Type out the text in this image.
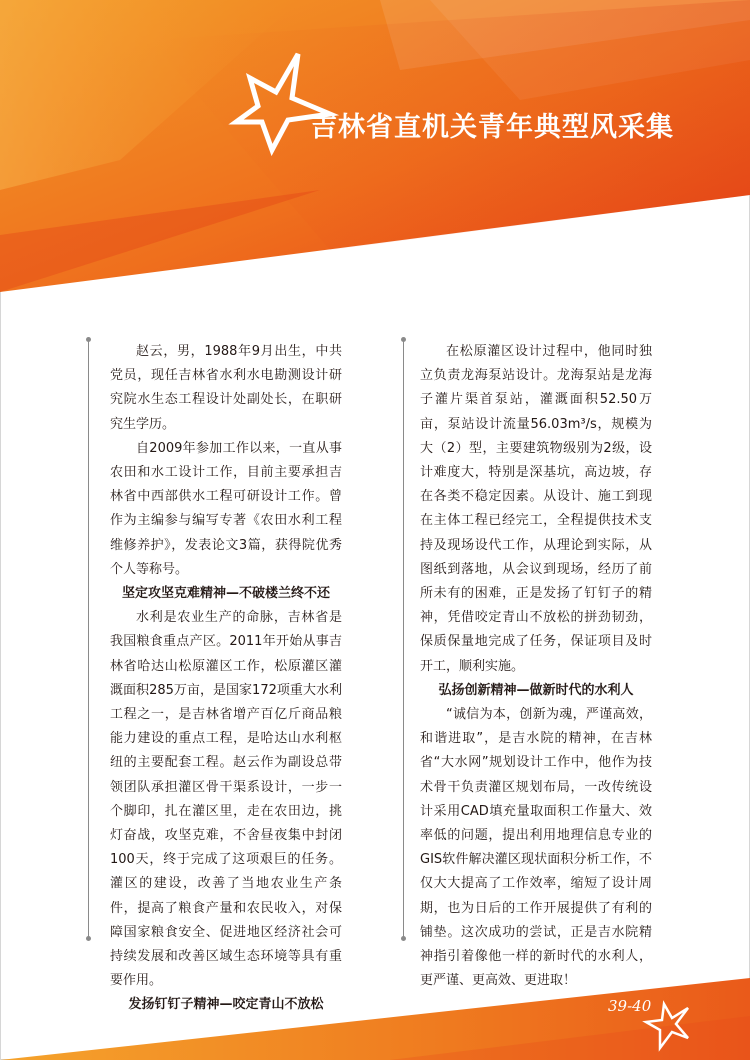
吉林省直机关青年典型风采集

赵云，男，1988年9月出生，中共党员，现任吉林省水利水电勘测设计研究院水生态工程设计处副处长，在职研究生学历。

自2009年参加工作以来，一直从事农田和水工设计工作，目前主要承担吉林省中西部供水工程可研设计工作。曾作为主编参与编写专著《农田水利工程维修养护》，发表论文3篇，获得院优秀个人等称号。

坚定攻坚克难精神—不破楼兰终不还

水利是农业生产的命脉，吉林省是我国粮食重点产区。2011年开始从事吉林省哈达山松原灌区工作，松原灌区灌溉面积285万亩，是国家172项重大水利工程之一，是吉林省增产百亿斤商品粮能力建设的重点工程，是哈达山水利枢纽的主要配套工程。赵云作为副设总带领团队承担灌区骨干渠系设计，一步一个脚印，扎在灌区里，走在农田边，挑灯奋战，攻坚克难，不舍昼夜集中封闭100天，终于完成了这项艰巨的任务。灌区的建设，改善了当地农业生产条件，提高了粮食产量和农民收入，对保障国家粮食安全、促进地区经济社会可持续发展和改善区域生态环境等具有重要作用。

发扬钉钉子精神—咬定青山不放松

在松原灌区设计过程中，他同时独立负责龙海泵站设计。龙海泵站是龙海子灌片渠首泵站，灌溉面积52.50万亩，泵站设计流量56.03m³/s，规模为大（2）型，主要建筑物级别为2级，设计难度大，特别是深基坑，高边坡，存在各类不稳定因素。从设计、施工到现在主体工程已经完工，全程提供技术支持及现场设代工作，从理论到实际，从图纸到落地，从会议到现场，经历了前所未有的困难，正是发扬了钉钉子的精神，凭借咬定青山不放松的拼劲韧劲，保质保量地完成了任务，保证项目及时开工，顺利实施。

弘扬创新精神—做新时代的水利人

“诚信为本，创新为魂，严谨高效，和谐进取”，是吉水院的精神，在吉林省“大水网”规划设计工作中，他作为技术骨干负责灌区规划布局，一改传统设计采用CAD填充量取面积工作量大、效率低的问题，提出利用地理信息专业的GIS软件解决灌区现状面积分析工作，不仅大大提高了工作效率，缩短了设计周期，也为日后的工作开展提供了有利的铺垫。这次成功的尝试，正是吉水院精神指引着像他一样的新时代的水利人，更严谨、更高效、更进取！

39-40
